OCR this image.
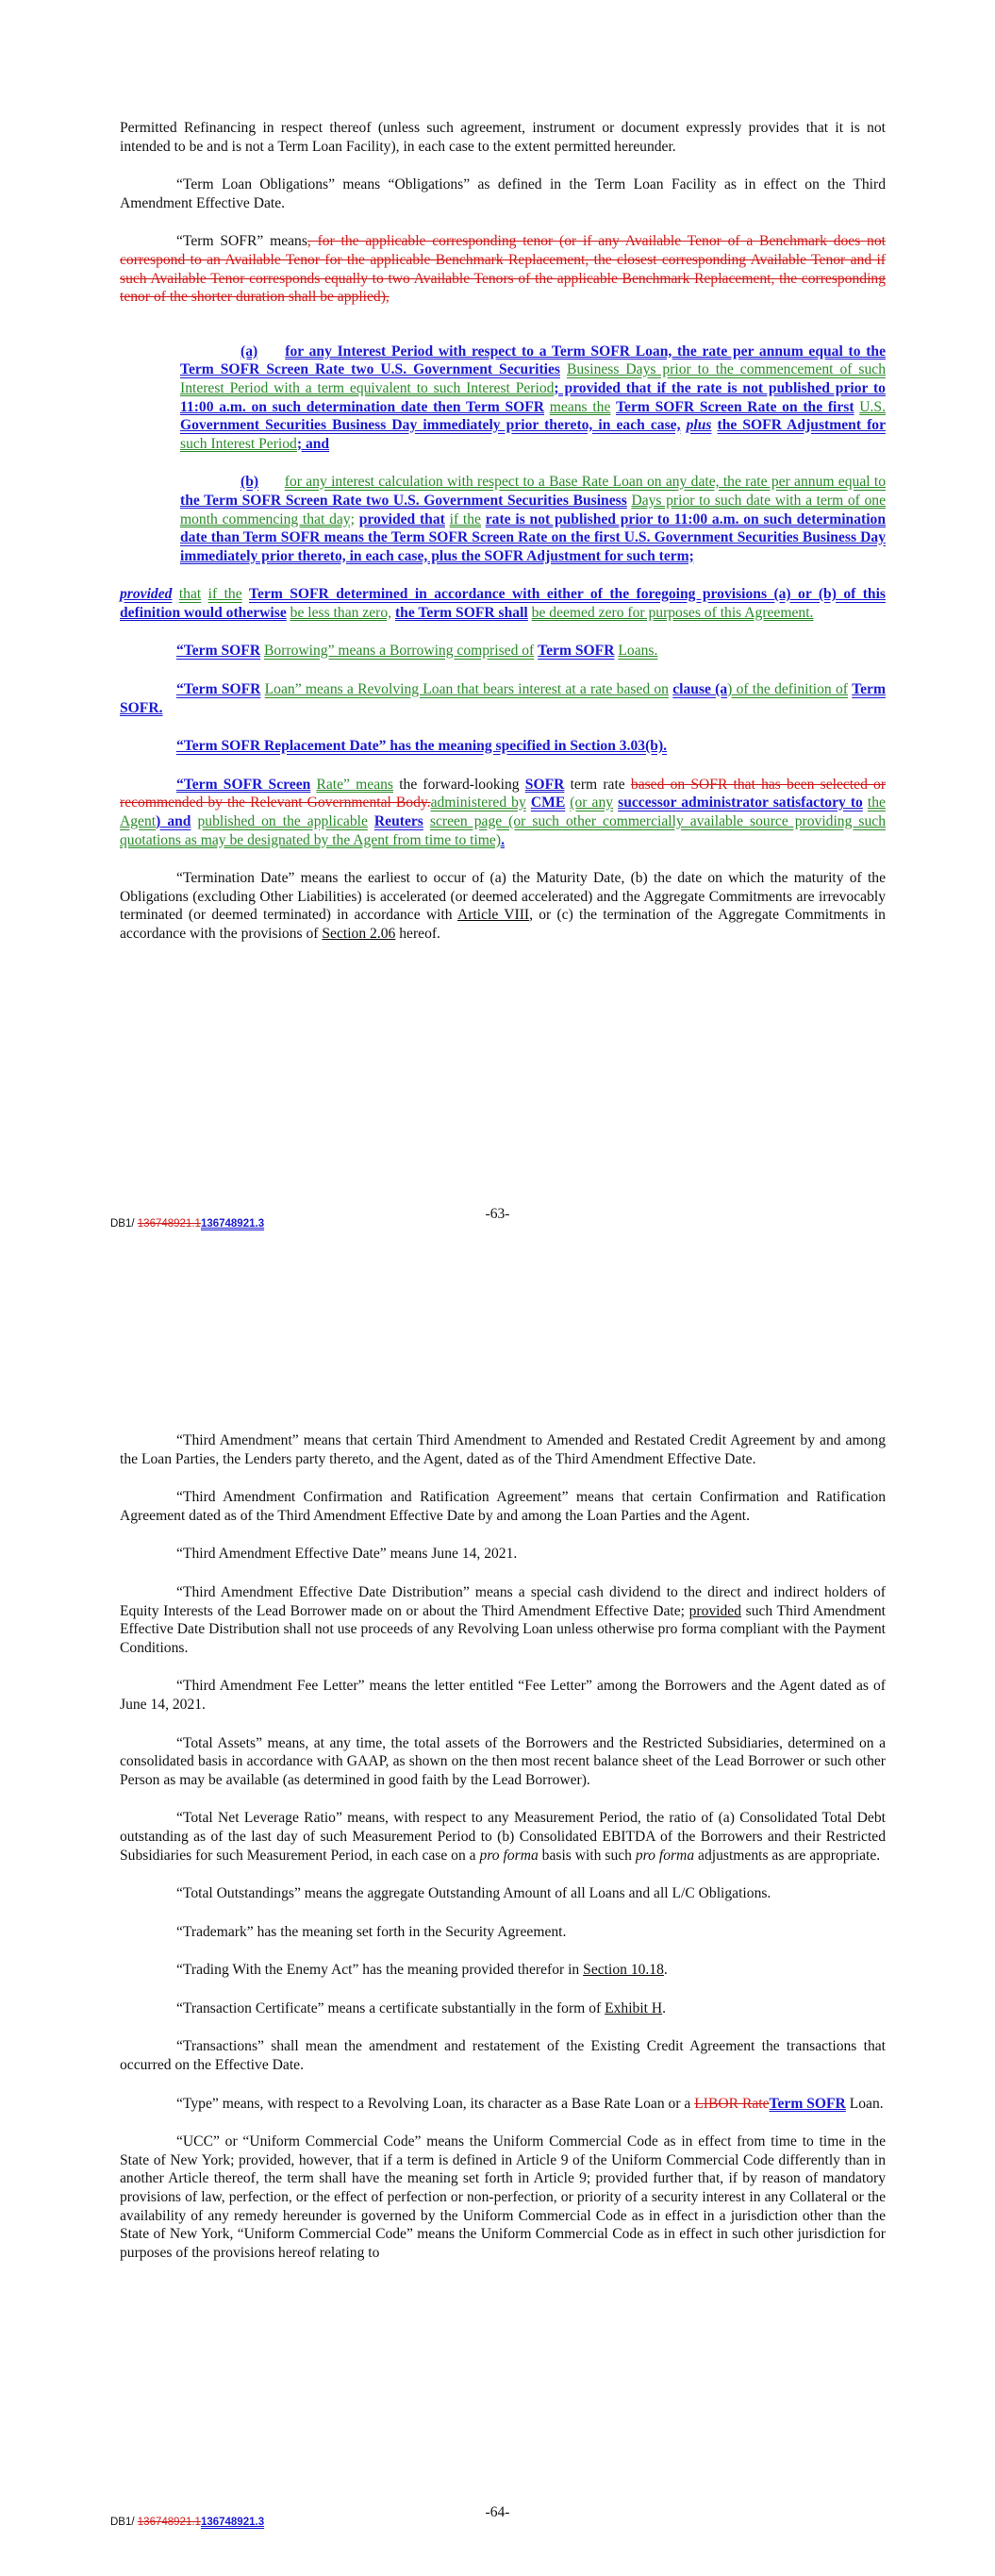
Permitted Refinancing in respect thereof (unless such agreement, instrument or document expressly provides that it is not intended to be and is not a Term Loan Facility), in each case to the extent permitted hereunder.

“Term Loan Obligations” means “Obligations” as defined in the Term Loan Facility as in effect on the Third Amendment Effective Date.

“Term SOFR” means, for the applicable corresponding tenor (or if any Available Tenor of a Benchmark does not correspond to an Available Tenor for the applicable Benchmark Replacement, the closest corresponding Available Tenor and if such Available Tenor corresponds equally to two Available Tenors of the applicable Benchmark Replacement, the corresponding tenor of the shorter duration shall be applied),

(a)   for any Interest Period with respect to a Term SOFR Loan, the rate per annum equal to the Term SOFR Screen Rate two U.S. Government Securities Business Days prior to the commencement of such Interest Period with a term equivalent to such Interest Period; provided that if the rate is not published prior to 11:00 a.m. on such determination date then Term SOFR means the Term SOFR Screen Rate on the first U.S. Government Securities Business Day immediately prior thereto, in each case, plus the SOFR Adjustment for such Interest Period; and

(b)   for any interest calculation with respect to a Base Rate Loan on any date, the rate per annum equal to the Term SOFR Screen Rate two U.S. Government Securities Business Days prior to such date with a term of one month commencing that day; provided that if the rate is not published prior to 11:00 a.m. on such determination date than Term SOFR means the Term SOFR Screen Rate on the first U.S. Government Securities Business Day immediately prior thereto, in each case, plus the SOFR Adjustment for such term;

provided that if the Term SOFR determined in accordance with either of the foregoing provisions (a) or (b) of this definition would otherwise be less than zero, the Term SOFR shall be deemed zero for purposes of this Agreement.

“Term SOFR Borrowing” means a Borrowing comprised of Term SOFR Loans.

“Term SOFR Loan” means a Revolving Loan that bears interest at a rate based on clause (a) of the definition of Term SOFR.

“Term SOFR Replacement Date” has the meaning specified in Section 3.03(b).

“Term SOFR Screen Rate” means the forward-looking SOFR term rate based on SOFR that has been selected or recommended by the Relevant Governmental Body.administered by CME (or any successor administrator satisfactory to the Agent) and published on the applicable Reuters screen page (or such other commercially available source providing such quotations as may be designated by the Agent from time to time).

“Termination Date” means the earliest to occur of (a) the Maturity Date, (b) the date on which the maturity of the Obligations (excluding Other Liabilities) is accelerated (or deemed accelerated) and the Aggregate Commitments are irrevocably terminated (or deemed terminated) in accordance with Article VIII, or (c) the termination of the Aggregate Commitments in accordance with the provisions of Section 2.06 hereof.

-63-
DB1/ 136748921.1136748921.3

“Third Amendment” means that certain Third Amendment to Amended and Restated Credit Agreement by and among the Loan Parties, the Lenders party thereto, and the Agent, dated as of the Third Amendment Effective Date.

“Third Amendment Confirmation and Ratification Agreement” means that certain Confirmation and Ratification Agreement dated as of the Third Amendment Effective Date by and among the Loan Parties and the Agent.

“Third Amendment Effective Date” means June 14, 2021.

“Third Amendment Effective Date Distribution” means a special cash dividend to the direct and indirect holders of Equity Interests of the Lead Borrower made on or about the Third Amendment Effective Date; provided such Third Amendment Effective Date Distribution shall not use proceeds of any Revolving Loan unless otherwise pro forma compliant with the Payment Conditions.

“Third Amendment Fee Letter” means the letter entitled “Fee Letter” among the Borrowers and the Agent dated as of June 14, 2021.

“Total Assets” means, at any time, the total assets of the Borrowers and the Restricted Subsidiaries, determined on a consolidated basis in accordance with GAAP, as shown on the then most recent balance sheet of the Lead Borrower or such other Person as may be available (as determined in good faith by the Lead Borrower).

“Total Net Leverage Ratio” means, with respect to any Measurement Period, the ratio of (a) Consolidated Total Debt outstanding as of the last day of such Measurement Period to (b) Consolidated EBITDA of the Borrowers and their Restricted Subsidiaries for such Measurement Period, in each case on a pro forma basis with such pro forma adjustments as are appropriate.

“Total Outstandings” means the aggregate Outstanding Amount of all Loans and all L/C Obligations.

“Trademark” has the meaning set forth in the Security Agreement.

“Trading With the Enemy Act” has the meaning provided therefor in Section 10.18.

“Transaction Certificate” means a certificate substantially in the form of Exhibit H.

“Transactions” shall mean the amendment and restatement of the Existing Credit Agreement the transactions that occurred on the Effective Date.

“Type” means, with respect to a Revolving Loan, its character as a Base Rate Loan or a LIBOR RateTerm SOFR Loan.

“UCC” or “Uniform Commercial Code” means the Uniform Commercial Code as in effect from time to time in the State of New York; provided, however, that if a term is defined in Article 9 of the Uniform Commercial Code differently than in another Article thereof, the term shall have the meaning set forth in Article 9; provided further that, if by reason of mandatory provisions of law, perfection, or the effect of perfection or non-perfection, or priority of a security interest in any Collateral or the availability of any remedy hereunder is governed by the Uniform Commercial Code as in effect in a jurisdiction other than the State of New York, “Uniform Commercial Code” means the Uniform Commercial Code as in effect in such other jurisdiction for purposes of the provisions hereof relating to

-64-
DB1/ 136748921.1136748921.3
